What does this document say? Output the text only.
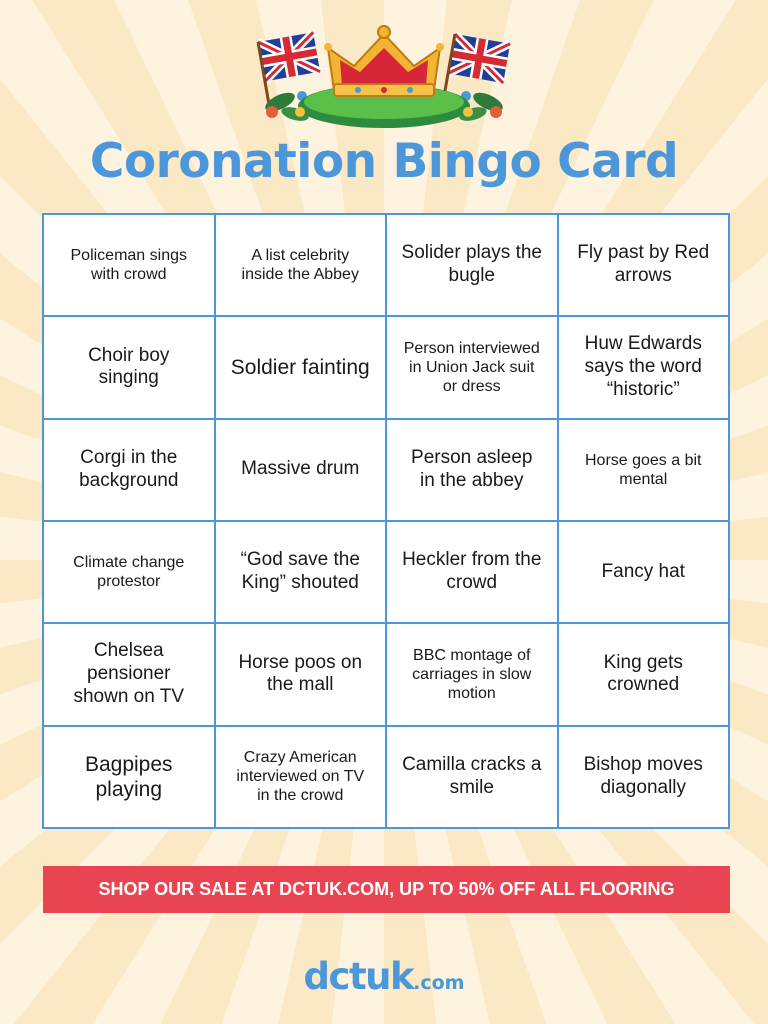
Coronation Bingo Card
Policeman sings with crowd
A list celebrity inside the Abbey
Solider plays the bugle
Fly past by Red arrows
Choir boy singing	Soldier fainting
Person interviewed in Union Jack suit or dress
Huw Edwards says the word “historic”
Corgi in the background
Massive drum
Person asleep in the abbey
Horse goes a bit mental
Climate change protestor
“God save the King” shouted
Heckler from the crowd
Fancy hat
Chelsea pensioner shown on TV
Horse poos on the mall
BBC montage of carriages in slow motion
King gets crowned
Bagpipes playing
Crazy American interviewed on TV in the crowd
Camilla cracks a smile
Bishop moves diagonally
SHOP OUR SALE AT DCTUK.COM, UP TO 50% OFF ALL FLOORING
dctuk.com
